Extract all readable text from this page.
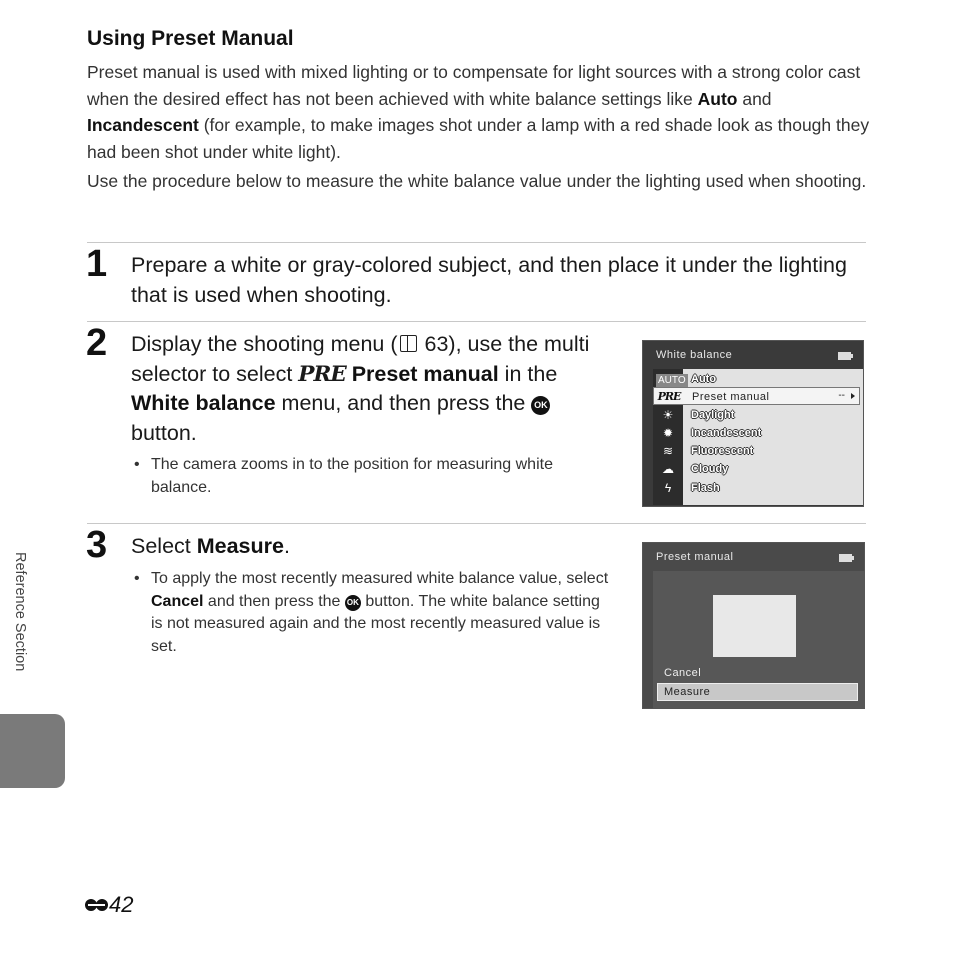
Using Preset Manual
Preset manual is used with mixed lighting or to compensate for light sources with a strong color cast when the desired effect has not been achieved with white balance settings like Auto and Incandescent (for example, to make images shot under a lamp with a red shade look as though they had been shot under white light).
Use the procedure below to measure the white balance value under the lighting used when shooting.
1 Prepare a white or gray-colored subject, and then place it under the lighting that is used when shooting.
2 Display the shooting menu ( 63), use the multi selector to select PRE Preset manual in the White balance menu, and then press the OK button.
• The camera zooms in to the position for measuring white balance.
White balance
AUTO Auto
PRE Preset manual	--
☀	Daylight
✹	Incandescent
≋	Fluorescent
☁	Cloudy
ϟ	Flash
3 Select Measure.
• To apply the most recently measured white balance value, select Cancel and then press the OK button. The white balance setting is not measured again and the most recently measured value is set.
Preset manual
Cancel
Measure
Reference Section
42
